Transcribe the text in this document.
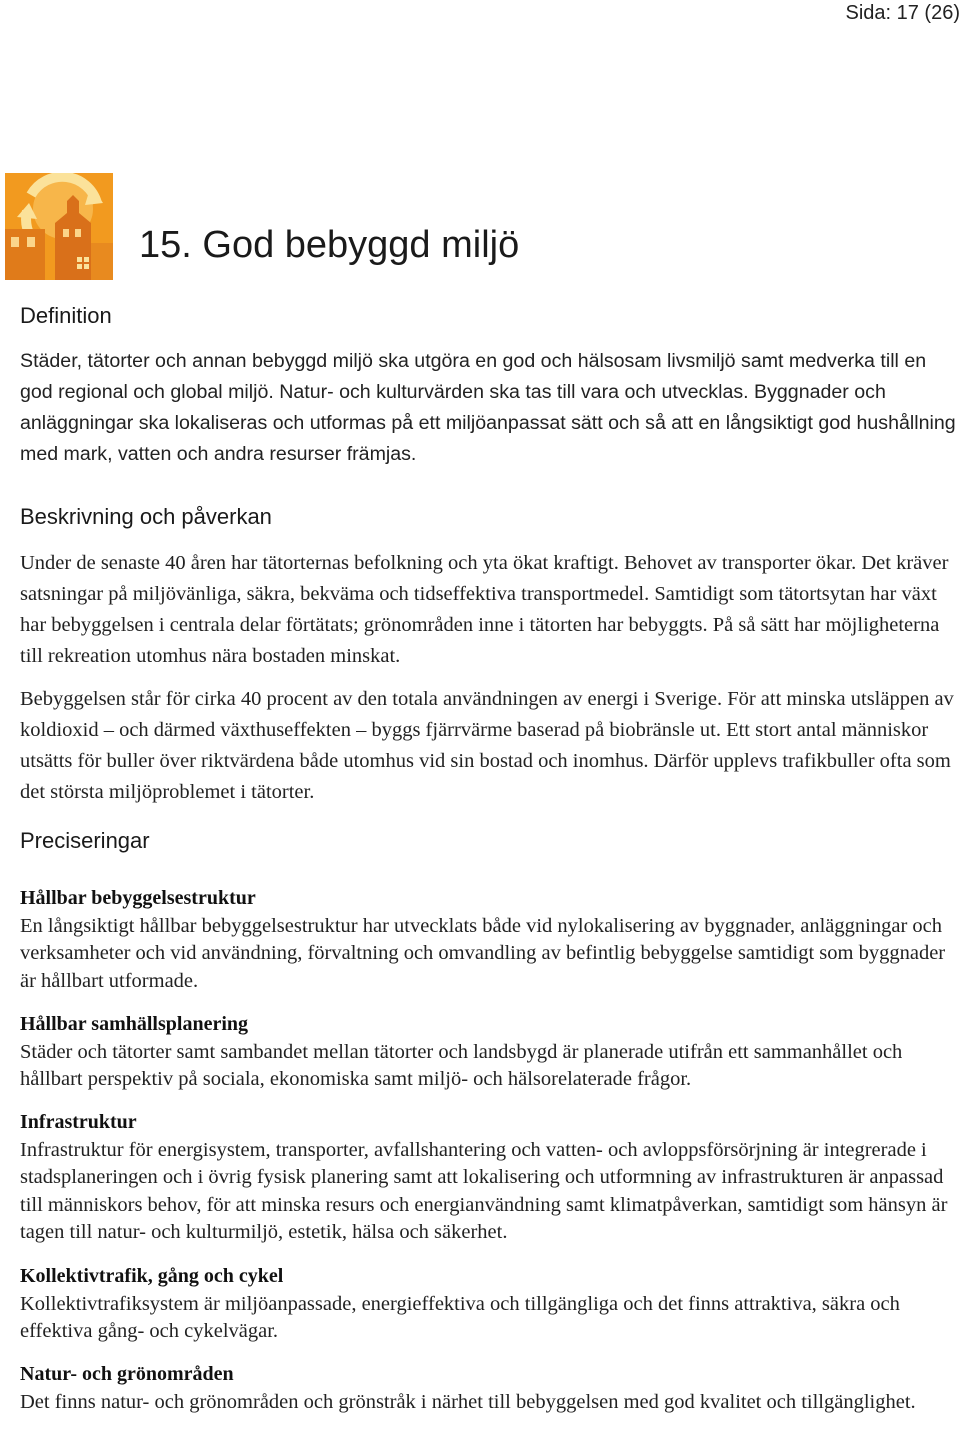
Sida: 17 (26)
15. God bebyggd miljö
Definition

Städer, tätorter och annan bebyggd miljö ska utgöra en god och hälsosam livsmiljö samt medverka till en god regional och global miljö. Natur- och kulturvärden ska tas till vara och utvecklas. Byggnader och anläggningar ska lokaliseras och utformas på ett miljöanpassat sätt och så att en långsiktigt god hushållning med mark, vatten och andra resurser främjas.

Beskrivning och påverkan

Under de senaste 40 åren har tätorternas befolkning och yta ökat kraftigt. Behovet av transporter ökar. Det kräver satsningar på miljövänliga, säkra, bekväma och tidseffektiva transportmedel. Samtidigt som tätortsytan har växt har bebyggelsen i centrala delar förtätats; grönområden inne i tätorten har bebyggts. På så sätt har möjligheterna till rekreation utomhus nära bostaden minskat.

Bebyggelsen står för cirka 40 procent av den totala användningen av energi i Sverige. För att minska utsläppen av koldioxid – och därmed växthuseffekten – byggs fjärrvärme baserad på biobränsle ut. Ett stort antal människor utsätts för buller över riktvärdena både utomhus vid sin bostad och inomhus. Därför upplevs trafikbuller ofta som det största miljöproblemet i tätorter.

Preciseringar
Hållbar bebyggelsestruktur

En långsiktigt hållbar bebyggelsestruktur har utvecklats både vid nylokalisering av byggnader, anläggningar och verksamheter och vid användning, förvaltning och omvandling av befintlig bebyggelse samtidigt som byggnader är hållbart utformade.

Hållbar samhällsplanering

Städer och tätorter samt sambandet mellan tätorter och landsbygd är planerade utifrån ett sammanhållet och hållbart perspektiv på sociala, ekonomiska samt miljö- och hälsorelaterade frågor.

Infrastruktur

Infrastruktur för energisystem, transporter, avfallshantering och vatten- och avloppsförsörjning är integrerade i stadsplaneringen och i övrig fysisk planering samt att lokalisering och utformning av infrastrukturen är anpassad till människors behov, för att minska resurs och energianvändning samt klimatpåverkan, samtidigt som hänsyn är tagen till natur- och kulturmiljö, estetik, hälsa och säkerhet.

Kollektivtrafik, gång och cykel

Kollektivtrafiksystem är miljöanpassade, energieffektiva och tillgängliga och det finns attraktiva, säkra och effektiva gång- och cykelvägar.

Natur- och grönområden

Det finns natur- och grönområden och grönstråk i närhet till bebyggelsen med god kvalitet och tillgänglighet.
